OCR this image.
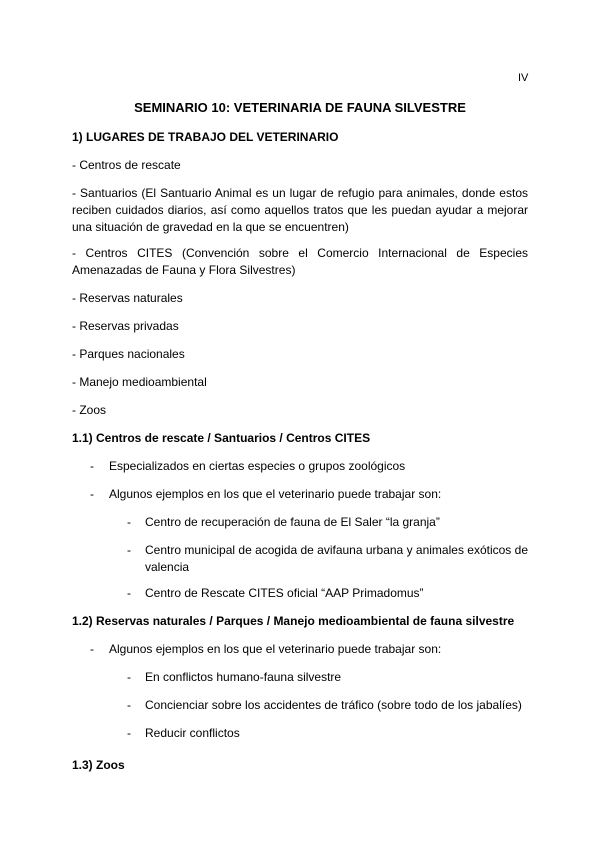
IV
SEMINARIO 10: VETERINARIA DE FAUNA SILVESTRE
1) LUGARES DE TRABAJO DEL VETERINARIO
- Centros de rescate
- Santuarios (El Santuario Animal es un lugar de refugio para animales, donde estos reciben cuidados diarios, así como aquellos tratos que les puedan ayudar a mejorar una situación de gravedad en la que se encuentren)
- Centros CITES (Convención sobre el Comercio Internacional de Especies Amenazadas de Fauna y Flora Silvestres)
- Reservas naturales
- Reservas privadas
- Parques nacionales
- Manejo medioambiental
- Zoos
1.1) Centros de rescate / Santuarios / Centros CITES
- Especializados en ciertas especies o grupos zoológicos
- Algunos ejemplos en los que el veterinario puede trabajar son:
- Centro de recuperación de fauna de El Saler “la granja”
- Centro municipal de acogida de avifauna urbana y animales exóticos de valencia
- Centro de Rescate CITES oficial “AAP Primadomus”
1.2) Reservas naturales / Parques / Manejo medioambiental de fauna silvestre
- Algunos ejemplos en los que el veterinario puede trabajar son:
- En conflictos humano-fauna silvestre
- Concienciar sobre los accidentes de tráfico (sobre todo de los jabalíes)
- Reducir conflictos
1.3) Zoos
